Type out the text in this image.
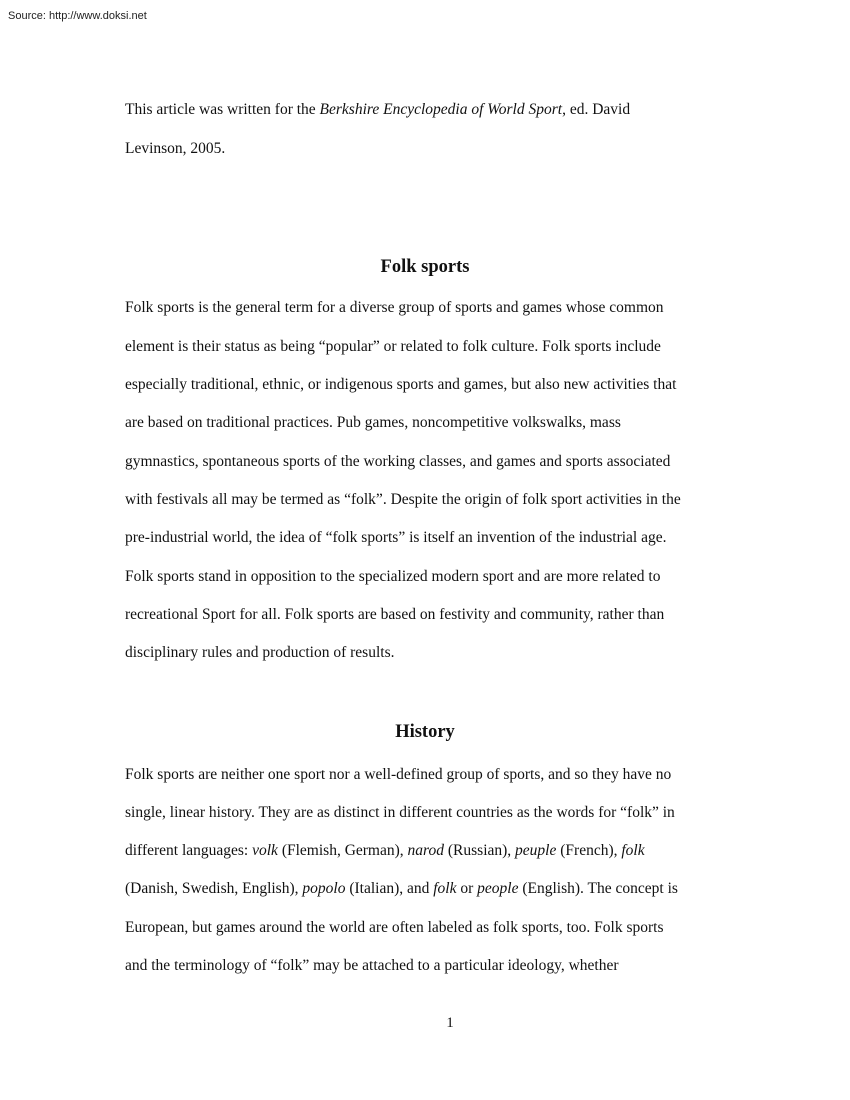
Source: http://www.doksi.net
This article was written for the Berkshire Encyclopedia of World Sport, ed. David
Levinson, 2005.
Folk sports
Folk sports is the general term for a diverse group of sports and games whose common
element is their status as being “popular” or related to folk culture. Folk sports include
especially traditional, ethnic, or indigenous sports and games, but also new activities that
are based on traditional practices. Pub games, noncompetitive volkswalks, mass
gymnastics, spontaneous sports of the working classes, and games and sports associated
with festivals all may be termed as “folk”. Despite the origin of folk sport activities in the
pre-industrial world, the idea of “folk sports” is itself an invention of the industrial age.
Folk sports stand in opposition to the specialized modern sport and are more related to
recreational Sport for all. Folk sports are based on festivity and community, rather than
disciplinary rules and production of results.
History
Folk sports are neither one sport nor a well-defined group of sports, and so they have no
single, linear history. They are as distinct in different countries as the words for “folk” in
different languages: volk (Flemish, German), narod (Russian), peuple (French), folk
(Danish, Swedish, English), popolo (Italian), and folk or people (English). The concept is
European, but games around the world are often labeled as folk sports, too. Folk sports
and the terminology of “folk” may be attached to a particular ideology, whether
1
